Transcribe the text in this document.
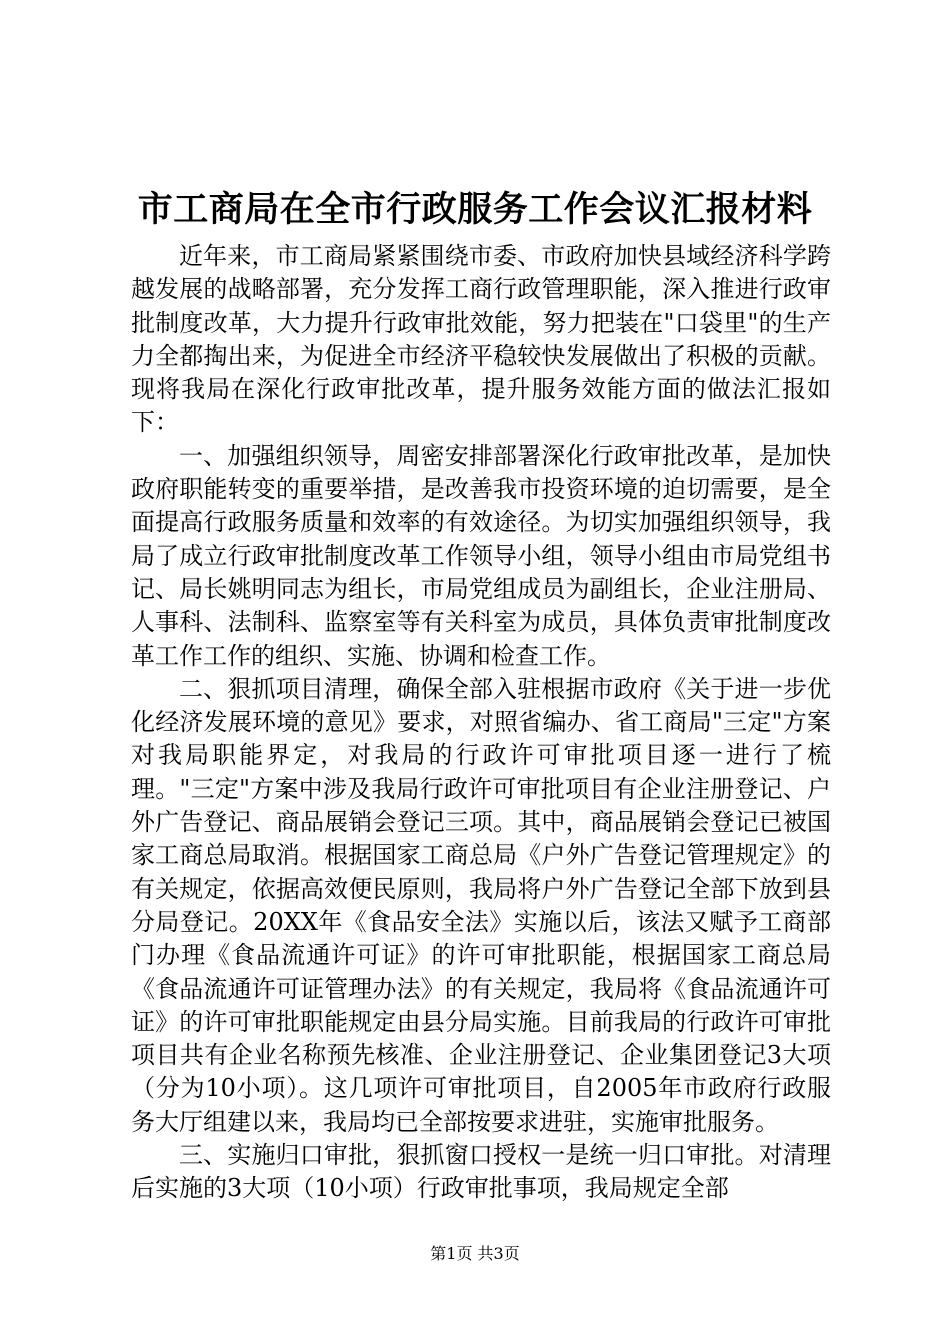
市工商局在全市行政服务工作会议汇报材料

近年来，市工商局紧紧围绕市委、市政府加快县域经济科学跨越发展的战略部署，充分发挥工商行政管理职能，深入推进行政审批制度改革，大力提升行政审批效能，努力把装在"口袋里"的生产力全都掏出来，为促进全市经济平稳较快发展做出了积极的贡献。现将我局在深化行政审批改革，提升服务效能方面的做法汇报如下：

一、加强组织领导，周密安排部署深化行政审批改革，是加快政府职能转变的重要举措，是改善我市投资环境的迫切需要，是全面提高行政服务质量和效率的有效途径。为切实加强组织领导，我局了成立行政审批制度改革工作领导小组，领导小组由市局党组书记、局长姚明同志为组长，市局党组成员为副组长，企业注册局、人事科、法制科、监察室等有关科室为成员，具体负责审批制度改革工作工作的组织、实施、协调和检查工作。

二、狠抓项目清理，确保全部入驻根据市政府《关于进一步优化经济发展环境的意见》要求，对照省编办、省工商局"三定"方案对我局职能界定，对我局的行政许可审批项目逐一进行了梳理。"三定"方案中涉及我局行政许可审批项目有企业注册登记、户外广告登记、商品展销会登记三项。其中，商品展销会登记已被国家工商总局取消。根据国家工商总局《户外广告登记管理规定》的有关规定，依据高效便民原则，我局将户外广告登记全部下放到县分局登记。20XX年《食品安全法》实施以后，该法又赋予工商部门办理《食品流通许可证》的许可审批职能，根据国家工商总局《食品流通许可证管理办法》的有关规定，我局将《食品流通许可证》的许可审批职能规定由县分局实施。目前我局的行政许可审批项目共有企业名称预先核准、企业注册登记、企业集团登记3大项（分为10小项）。这几项许可审批项目，自2005年市政府行政服务大厅组建以来，我局均已全部按要求进驻，实施审批服务。

三、实施归口审批，狠抓窗口授权一是统一归口审批。对清理后实施的3大项（10小项）行政审批事项，我局规定全部

第1页 共3页
